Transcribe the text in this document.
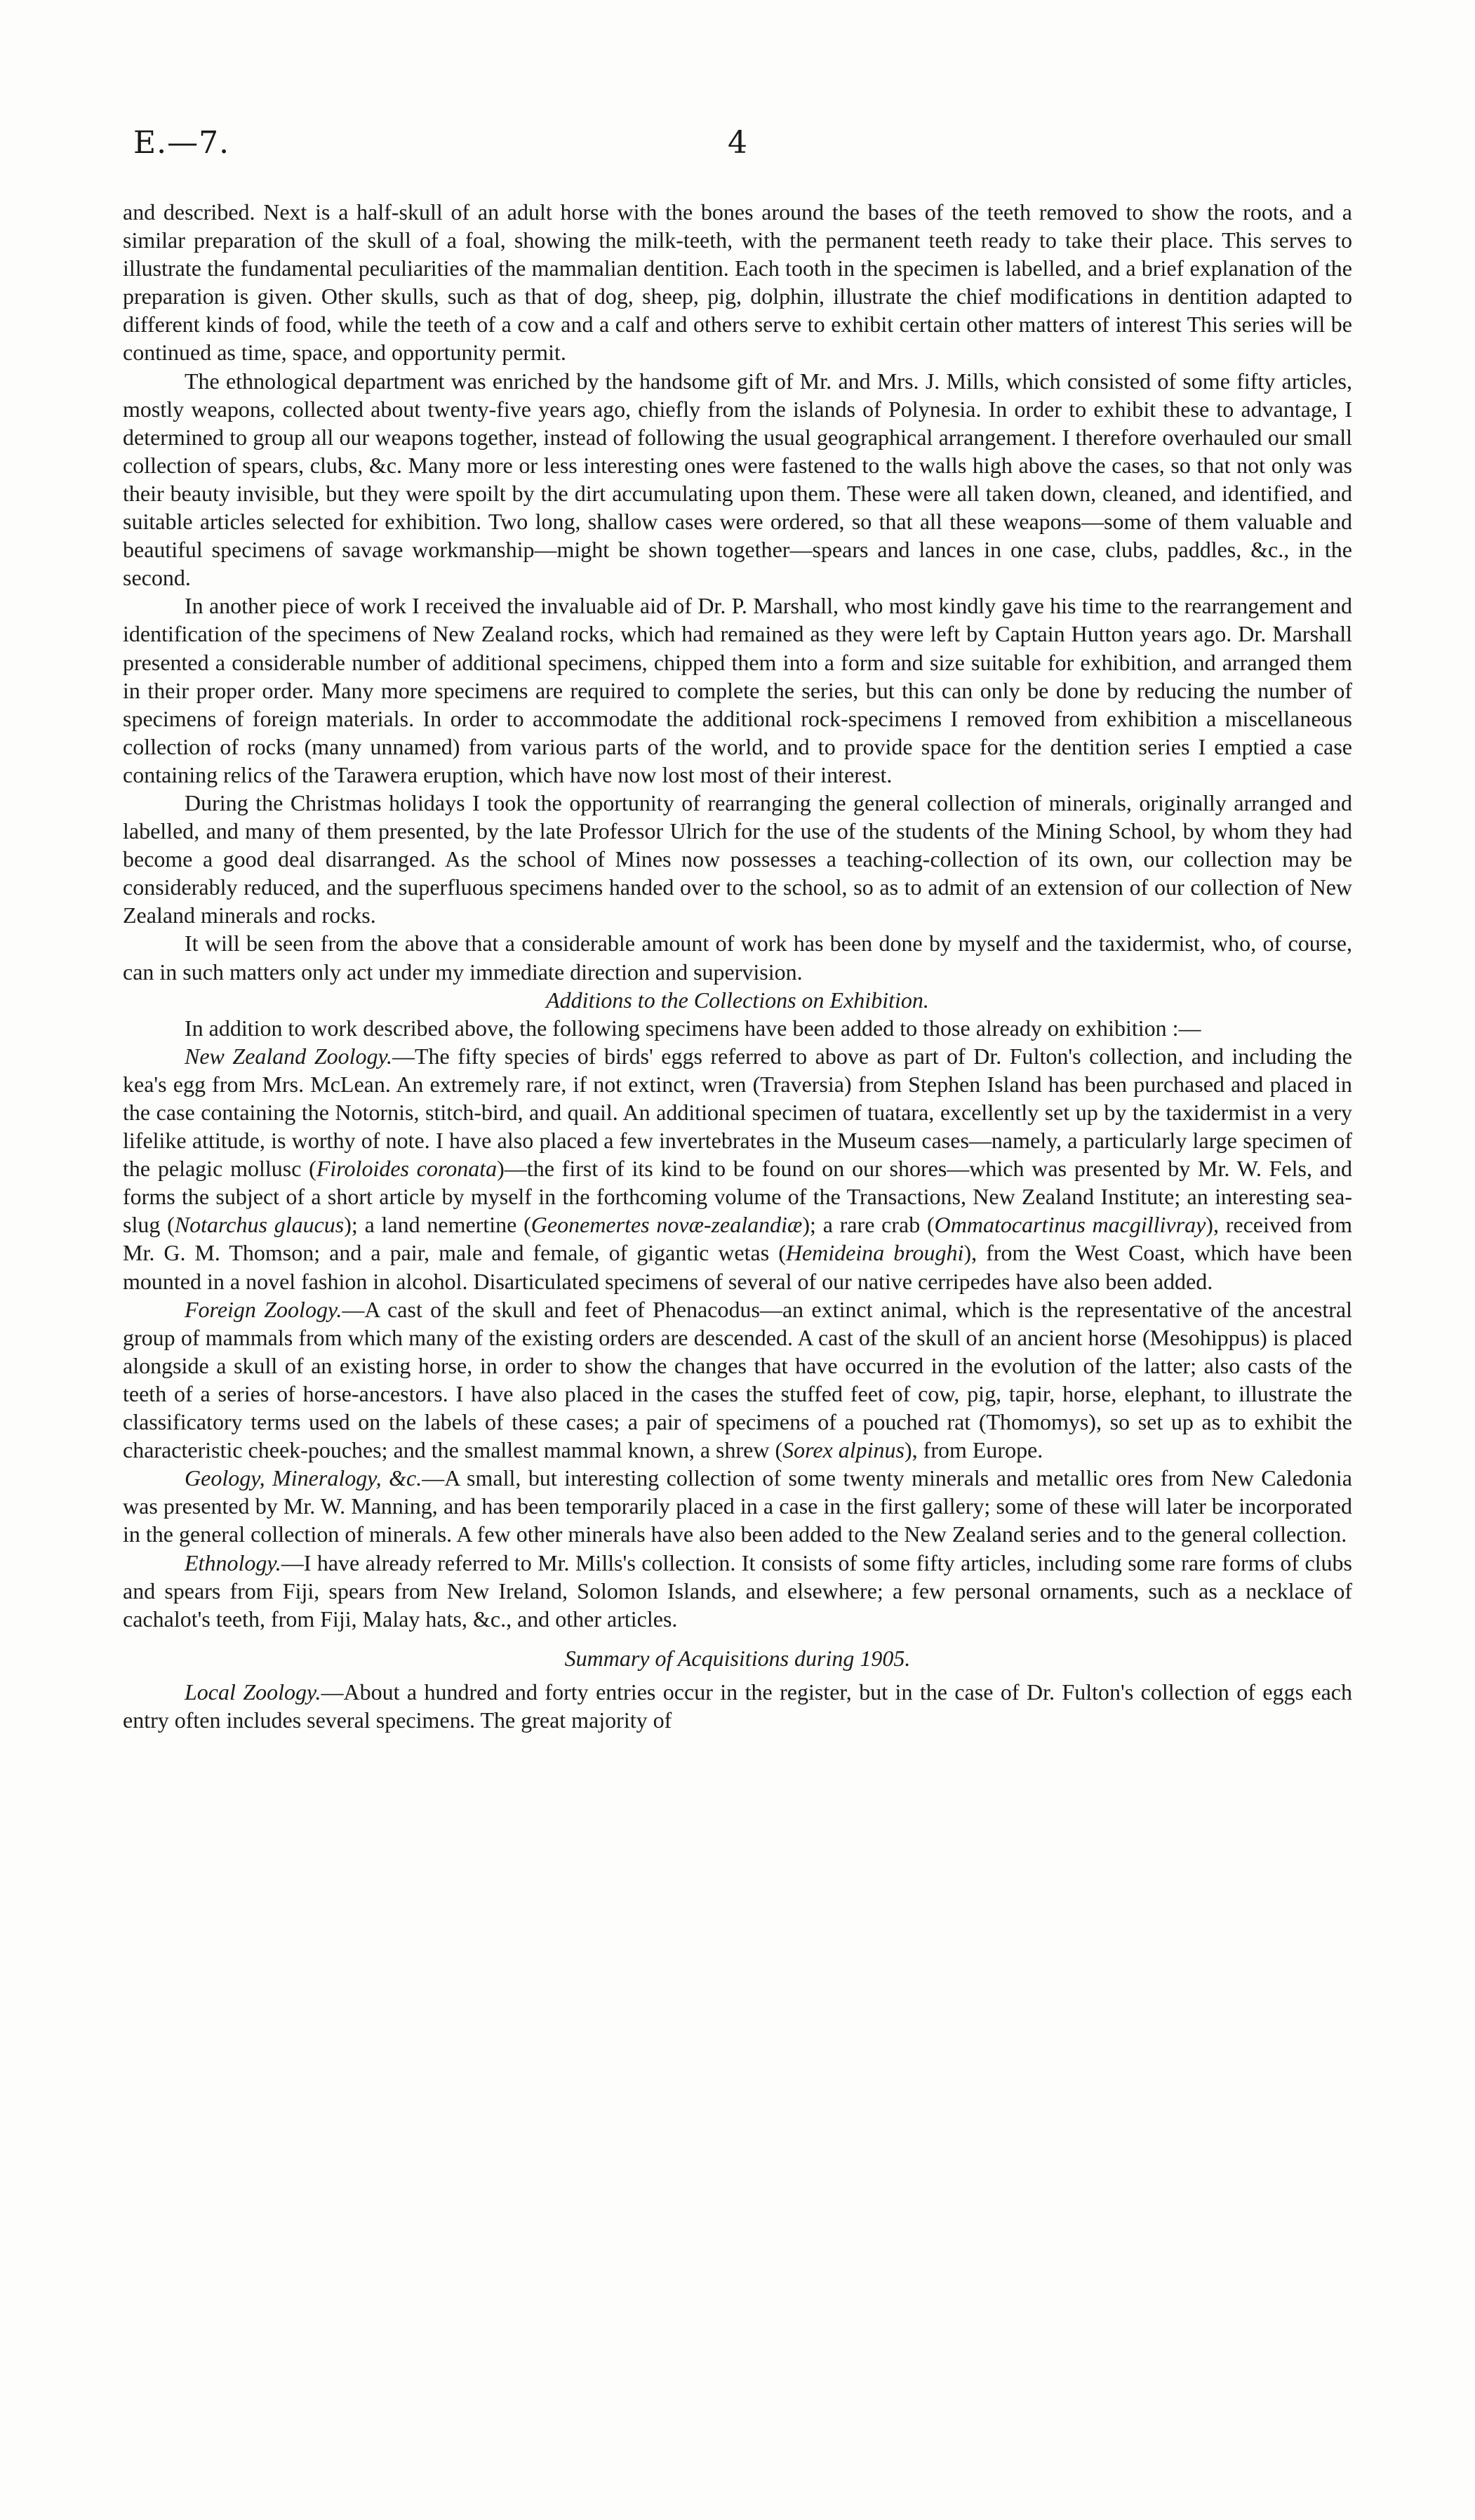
E.—7.	4

and described. Next is a half-skull of an adult horse with the bones around the bases of the teeth removed to show the roots, and a similar preparation of the skull of a foal, showing the milk-teeth, with the permanent teeth ready to take their place. This serves to illustrate the fundamental peculiarities of the mammalian dentition. Each tooth in the specimen is labelled, and a brief explanation of the preparation is given. Other skulls, such as that of dog, sheep, pig, dolphin, illustrate the chief modifications in dentition adapted to different kinds of food, while the teeth of a cow and a calf and others serve to exhibit certain other matters of interest This series will be continued as time, space, and opportunity permit.

The ethnological department was enriched by the handsome gift of Mr. and Mrs. J. Mills, which consisted of some fifty articles, mostly weapons, collected about twenty-five years ago, chiefly from the islands of Polynesia. In order to exhibit these to advantage, I determined to group all our weapons together, instead of following the usual geographical arrangement. I therefore overhauled our small collection of spears, clubs, &c. Many more or less interesting ones were fastened to the walls high above the cases, so that not only was their beauty invisible, but they were spoilt by the dirt accumulating upon them. These were all taken down, cleaned, and identified, and suitable articles selected for exhibition. Two long, shallow cases were ordered, so that all these weapons—some of them valuable and beautiful specimens of savage workmanship—might be shown together—spears and lances in one case, clubs, paddles, &c., in the second.

In another piece of work I received the invaluable aid of Dr. P. Marshall, who most kindly gave his time to the rearrangement and identification of the specimens of New Zealand rocks, which had remained as they were left by Captain Hutton years ago. Dr. Marshall presented a considerable number of additional specimens, chipped them into a form and size suitable for exhibition, and arranged them in their proper order. Many more specimens are required to complete the series, but this can only be done by reducing the number of specimens of foreign materials. In order to accommodate the additional rock-specimens I removed from exhibition a miscellaneous collection of rocks (many unnamed) from various parts of the world, and to provide space for the dentition series I emptied a case containing relics of the Tarawera eruption, which have now lost most of their interest.

During the Christmas holidays I took the opportunity of rearranging the general collection of minerals, originally arranged and labelled, and many of them presented, by the late Professor Ulrich for the use of the students of the Mining School, by whom they had become a good deal disarranged. As the school of Mines now possesses a teaching-collection of its own, our collection may be considerably reduced, and the superfluous specimens handed over to the school, so as to admit of an extension of our collection of New Zealand minerals and rocks.

It will be seen from the above that a considerable amount of work has been done by myself and the taxidermist, who, of course, can in such matters only act under my immediate direction and supervision.

Additions to the Collections on Exhibition.

In addition to work described above, the following specimens have been added to those already on exhibition :—

New Zealand Zoology.—The fifty species of birds' eggs referred to above as part of Dr. Fulton's collection, and including the kea's egg from Mrs. McLean. An extremely rare, if not extinct, wren (Traversia) from Stephen Island has been purchased and placed in the case containing the Notornis, stitch-bird, and quail. An additional specimen of tuatara, excellently set up by the taxidermist in a very lifelike attitude, is worthy of note. I have also placed a few invertebrates in the Museum cases—namely, a particularly large specimen of the pelagic mollusc (Firoloides coronata)—the first of its kind to be found on our shores—which was presented by Mr. W. Fels, and forms the subject of a short article by myself in the forthcoming volume of the Transactions, New Zealand Institute; an interesting sea-slug (Notarchus glaucus); a land nemertine (Geonemertes novæ-zealandiæ); a rare crab (Ommatocartinus macgillivray), received from Mr. G. M. Thomson; and a pair, male and female, of gigantic wetas (Hemideina broughi), from the West Coast, which have been mounted in a novel fashion in alcohol. Disarticulated specimens of several of our native cerripedes have also been added.

Foreign Zoology.—A cast of the skull and feet of Phenacodus—an extinct animal, which is the representative of the ancestral group of mammals from which many of the existing orders are descended. A cast of the skull of an ancient horse (Mesohippus) is placed alongside a skull of an existing horse, in order to show the changes that have occurred in the evolution of the latter; also casts of the teeth of a series of horse-ancestors. I have also placed in the cases the stuffed feet of cow, pig, tapir, horse, elephant, to illustrate the classificatory terms used on the labels of these cases; a pair of specimens of a pouched rat (Thomomys), so set up as to exhibit the characteristic cheek-pouches; and the smallest mammal known, a shrew (Sorex alpinus), from Europe.

Geology, Mineralogy, &c.—A small, but interesting collection of some twenty minerals and metallic ores from New Caledonia was presented by Mr. W. Manning, and has been temporarily placed in a case in the first gallery; some of these will later be incorporated in the general collection of minerals. A few other minerals have also been added to the New Zealand series and to the general collection.

Ethnology.—I have already referred to Mr. Mills's collection. It consists of some fifty articles, including some rare forms of clubs and spears from Fiji, spears from New Ireland, Solomon Islands, and elsewhere; a few personal ornaments, such as a necklace of cachalot's teeth, from Fiji, Malay hats, &c., and other articles.

Summary of Acquisitions during 1905.

Local Zoology.—About a hundred and forty entries occur in the register, but in the case of Dr. Fulton's collection of eggs each entry often includes several specimens. The great majority of
